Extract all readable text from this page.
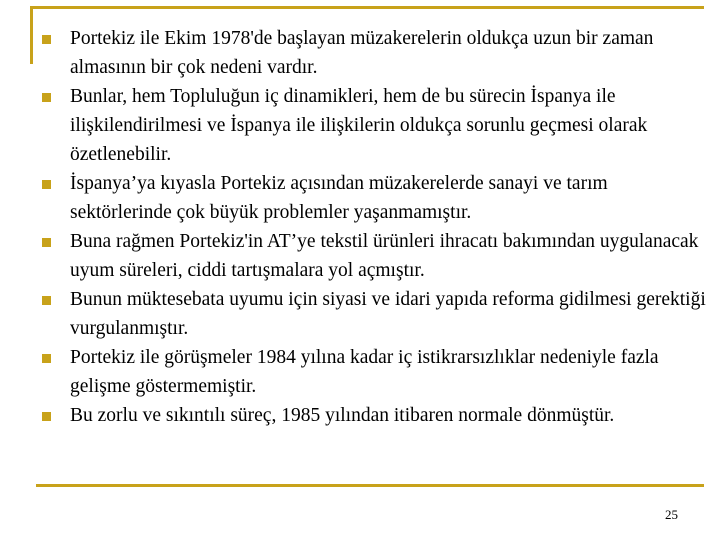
Portekiz ile Ekim 1978'de başlayan müzakerelerin oldukça uzun bir zaman almasının bir çok nedeni vardır.
Bunlar, hem Topluluğun iç dinamikleri, hem de bu sürecin İspanya ile ilişkilendirilmesi ve İspanya ile ilişkilerin oldukça sorunlu geçmesi olarak özetlenebilir.
İspanya’ya kıyasla Portekiz açısından müzakerelerde sanayi ve tarım sektörlerinde çok büyük problemler yaşanmamıştır.
Buna rağmen Portekiz'in AT’ye tekstil ürünleri ihracatı bakımından uygulanacak uyum süreleri, ciddi tartışmalara yol açmıştır.
Bunun müktesebata uyumu için siyasi ve idari yapıda reforma gidilmesi gerektiği vurgulanmıştır.
Portekiz ile görüşmeler 1984 yılına kadar iç istikrarsızlıklar nedeniyle fazla gelişme göstermemiştir.
Bu zorlu ve sıkıntılı süreç, 1985 yılından itibaren normale dönmüştür.
25
